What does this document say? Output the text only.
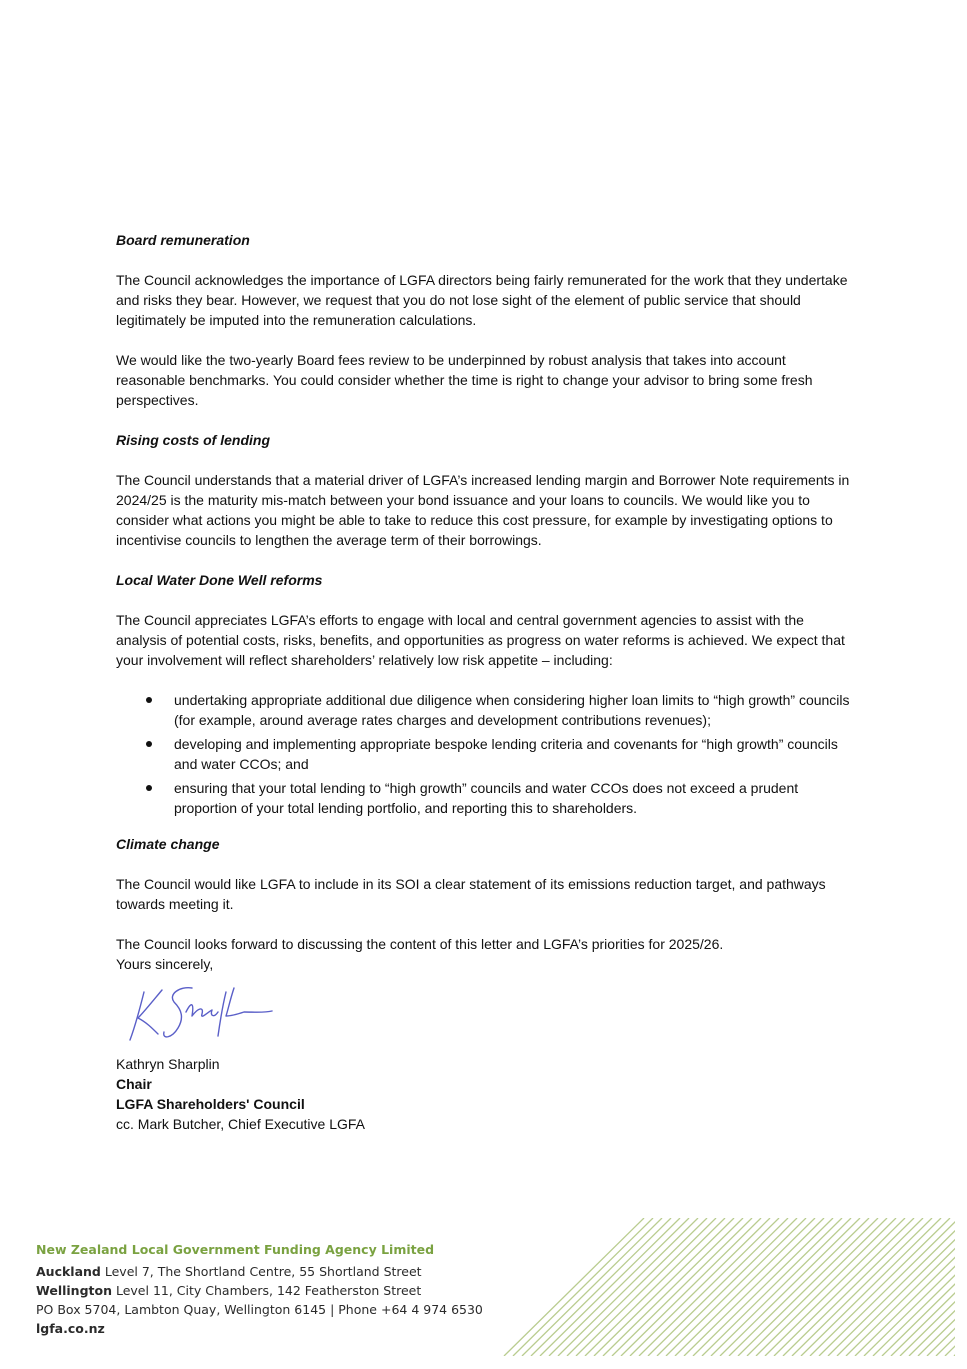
Board remuneration

The Council acknowledges the importance of LGFA directors being fairly remunerated for the work that they undertake and risks they bear. However, we request that you do not lose sight of the element of public service that should legitimately be imputed into the remuneration calculations.

We would like the two-yearly Board fees review to be underpinned by robust analysis that takes into account reasonable benchmarks. You could consider whether the time is right to change your advisor to bring some fresh perspectives.

Rising costs of lending

The Council understands that a material driver of LGFA’s increased lending margin and Borrower Note requirements in 2024/25 is the maturity mis-match between your bond issuance and your loans to councils. We would like you to consider what actions you might be able to take to reduce this cost pressure, for example by investigating options to incentivise councils to lengthen the average term of their borrowings.

Local Water Done Well reforms

The Council appreciates LGFA’s efforts to engage with local and central government agencies to assist with the analysis of potential costs, risks, benefits, and opportunities as progress on water reforms is achieved. We expect that your involvement will reflect shareholders’ relatively low risk appetite – including:

undertaking appropriate additional due diligence when considering higher loan limits to “high growth” councils (for example, around average rates charges and development contributions revenues);
developing and implementing appropriate bespoke lending criteria and covenants for “high growth” councils and water CCOs; and
ensuring that your total lending to “high growth” councils and water CCOs does not exceed a prudent proportion of your total lending portfolio, and reporting this to shareholders.

Climate change

The Council would like LGFA to include in its SOI a clear statement of its emissions reduction target, and pathways towards meeting it.

The Council looks forward to discussing the content of this letter and LGFA’s priorities for 2025/26.

Yours sincerely,

Kathryn Sharplin

Chair

LGFA Shareholders' Council

cc. Mark Butcher, Chief Executive LGFA

New Zealand Local Government Funding Agency Limited
Auckland Level 7, The Shortland Centre, 55 Shortland Street
Wellington Level 11, City Chambers, 142 Featherston Street
PO Box 5704, Lambton Quay, Wellington 6145 | Phone +64 4 974 6530
lgfa.co.nz
